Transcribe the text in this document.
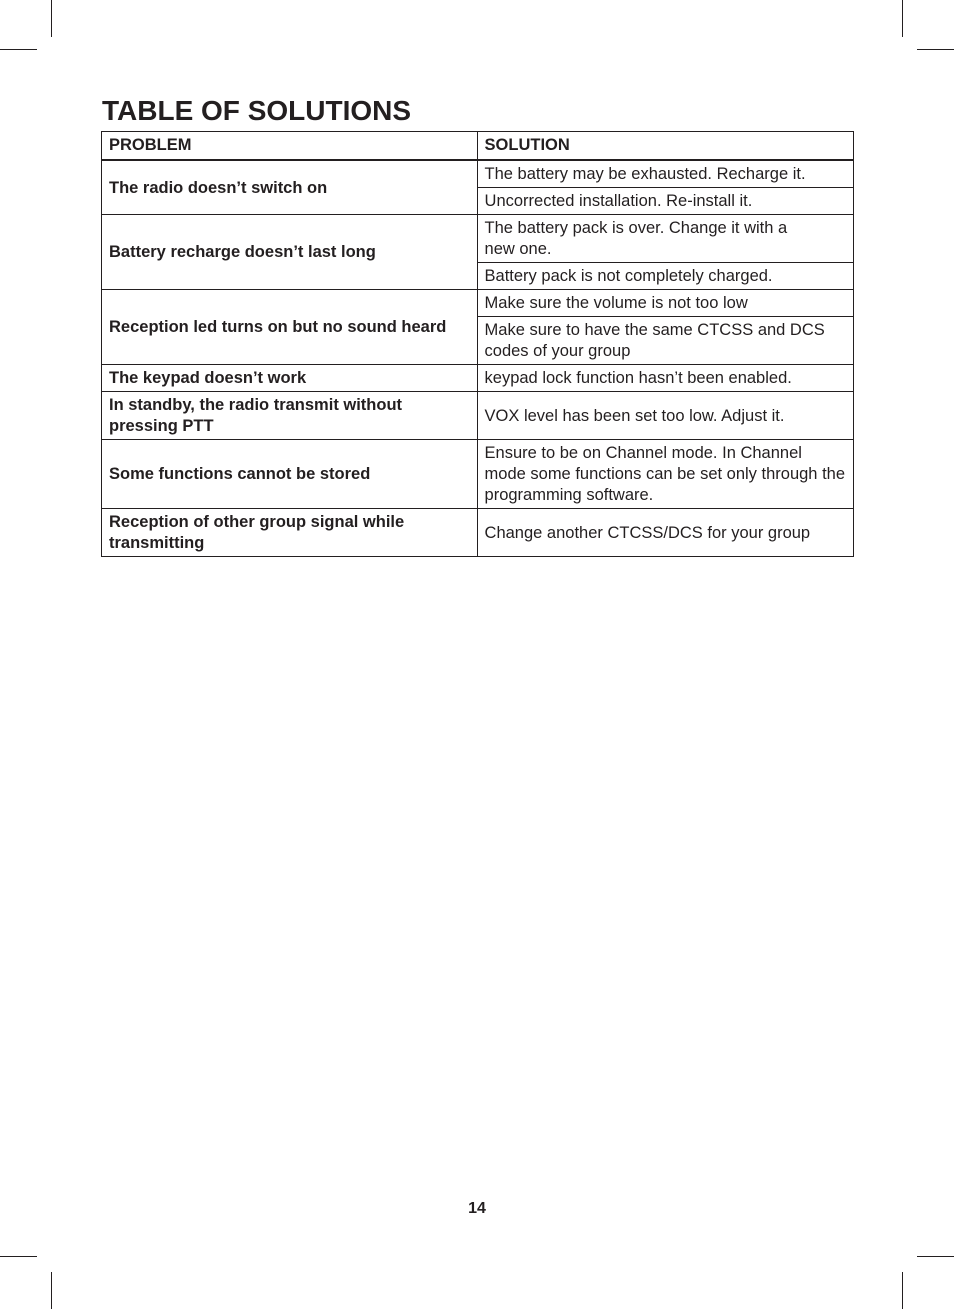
TABLE OF SOLUTIONS
PROBLEM	SOLUTION
The radio doesn’t switch on	The battery may be exhausted. Recharge it.
	Uncorrected installation. Re-install it.
Battery recharge doesn’t last long	The battery pack is over. Change it with a new one.
	Battery pack is not completely charged.
Reception led turns on but no sound heard	Make sure the volume is not too low
	Make sure to have the same CTCSS and DCS codes of your group
The keypad doesn’t work	keypad lock function hasn’t been enabled.
In standby, the radio transmit without pressing PTT	VOX level has been set too low. Adjust it.
Some functions cannot be stored	Ensure to be on Channel mode. In Channel mode some functions can be set only through the programming software.
Reception of other group signal while transmitting	Change another CTCSS/DCS for your group
14
